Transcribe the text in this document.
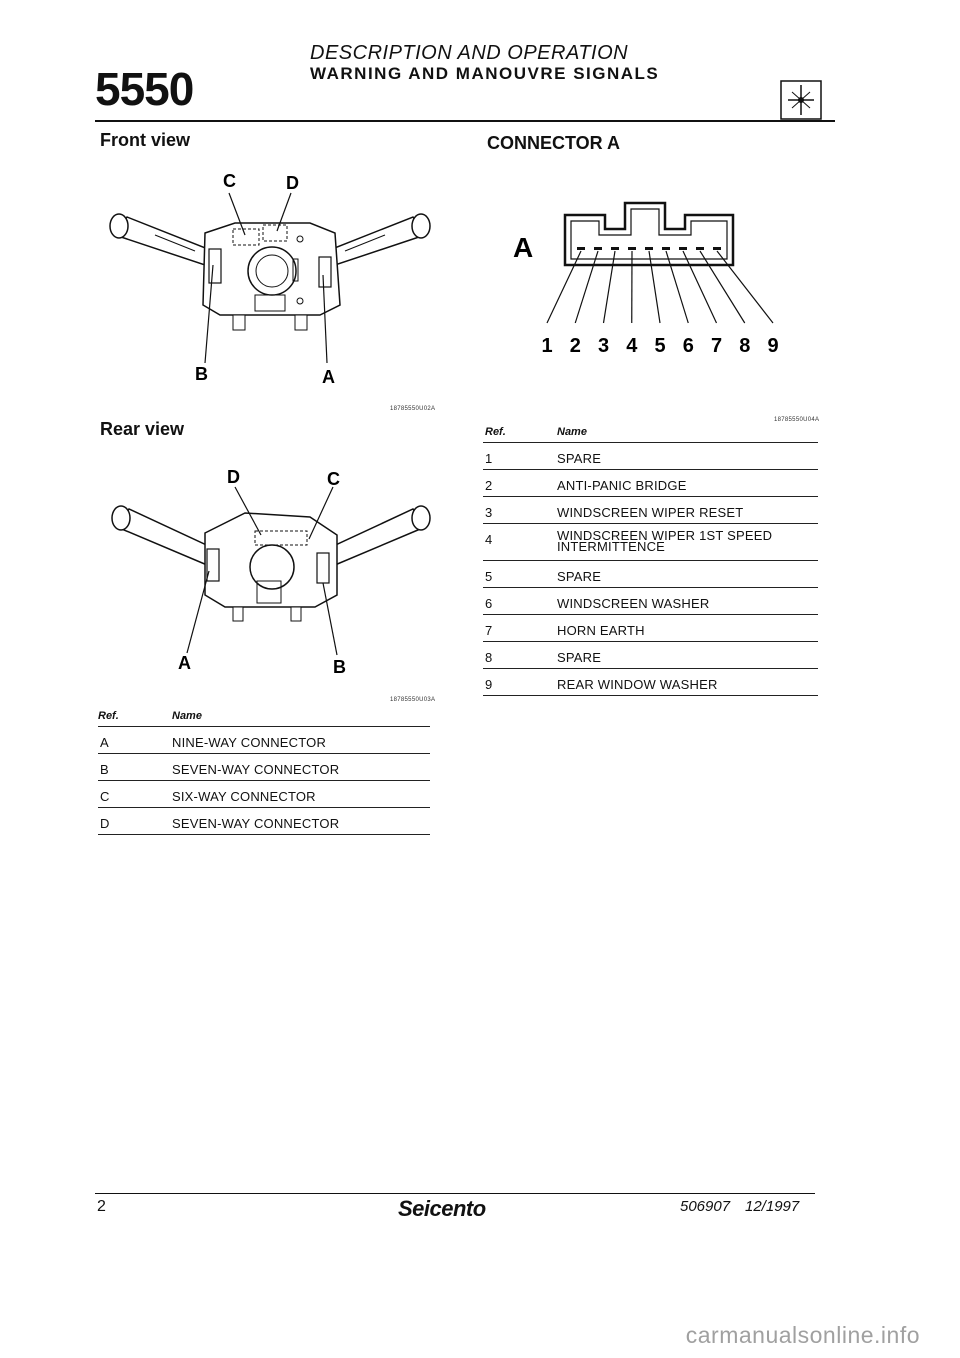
5550
DESCRIPTION AND OPERATION
WARNING AND MANOUVRE SIGNALS
Front view
C	D
B	A
18785550U02A
Rear view
D	C
A	B
18785550U03A
Ref.	Name
A	NINE-WAY CONNECTOR
B	SEVEN-WAY CONNECTOR
C	SIX-WAY CONNECTOR
D	SEVEN-WAY CONNECTOR
CONNECTOR A
A
1 2 3 4 5 6 7 8 9
18785550U04A
Ref.	Name
1	SPARE
2	ANTI-PANIC BRIDGE
3	WINDSCREEN WIPER RESET
4	WINDSCREEN WIPER 1ST SPEED
INTERMITTENCE
5	SPARE
6	WINDSCREEN WASHER
7	HORN EARTH
8	SPARE
9	REAR WINDOW WASHER
2	Seicento	506907 12/1997
carmanualsonline.info
